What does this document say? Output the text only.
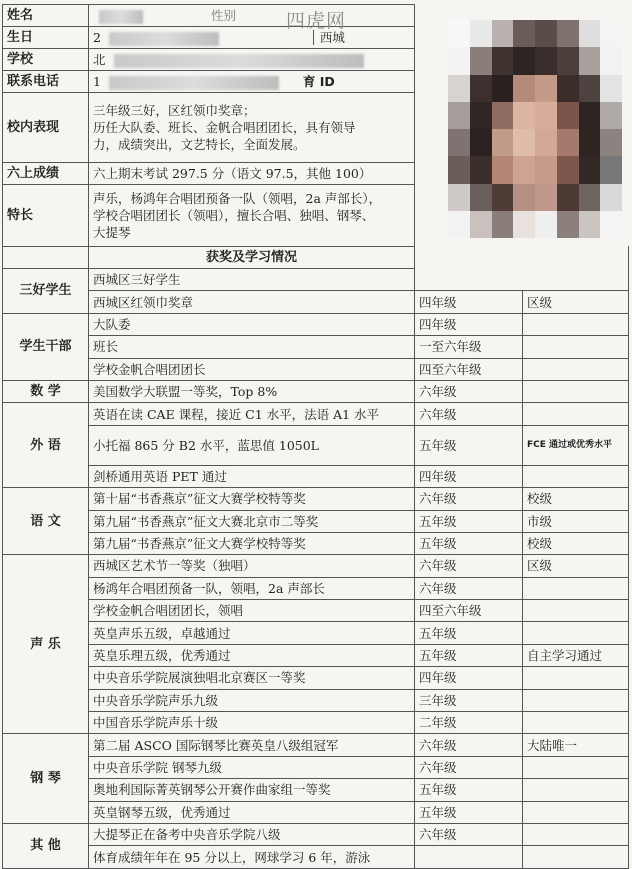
姓名	性别			
生日	2 西城			
学校	北			
联系电话	1 育 ID			
校内表现	三年级三好，区红领巾奖章；
历任大队委、班长、金帆合唱团团长，具有领导
力，成绩突出，文艺特长，全面发展。			

六上成绩	六上期末考试 297.5 分（语文 97.5，其他 100）			
特长	声乐，杨鸿年合唱团预备一队（领唱，2a 声部长），
学校合唱团团长（领唱），擅长合唱、独唱、钢琴、
大提琴			

	获奖及学习情况		
三好学生	西城区三好学生		
	西城区红领巾奖章	四年级	区级	
学生干部	大队委	四年级		
	班长	一至六年级		
	学校金帆合唱团团长	四至六年级		
数 学	美国数学大联盟一等奖，Top 8%	六年级		
外 语	英语在读 CAE 课程，接近 C1 水平，法语 A1 水平	六年级		
	小托福 865 分 B2 水平，蓝思值 1050L	五年级	FCE 通过或优秀水平	
	剑桥通用英语 PET 通过	四年级		
语 文	第十届“书香燕京”征文大赛学校特等奖	六年级	校级	
	第九届“书香燕京”征文大赛北京市二等奖	五年级	市级	
	第九届“书香燕京”征文大赛学校特等奖	五年级	校级	
声 乐	西城区艺术节一等奖（独唱）	六年级	区级	
	杨鸿年合唱团预备一队，领唱，2a 声部长	六年级		
	学校金帆合唱团团长，领唱	四至六年级		
	英皇声乐五级，卓越通过	五年级		
	英皇乐理五级，优秀通过	五年级	自主学习通过	
	中央音乐学院展演独唱北京赛区一等奖	四年级		
	中央音乐学院声乐九级	三年级		
	中国音乐学院声乐十级	二年级		
钢 琴	第二届 ASCO 国际钢琴比赛英皇八级组冠军	六年级	大陆唯一	
	中央音乐学院 钢琴九级	六年级		
	奥地利国际菁英钢琴公开赛作曲家组一等奖	五年级		
	英皇钢琴五级，优秀通过	五年级		
其 他	大提琴正在备考中央音乐学院八级	六年级		
	体育成绩年年在 95 分以上，网球学习 6 年，游泳			
四虎网
